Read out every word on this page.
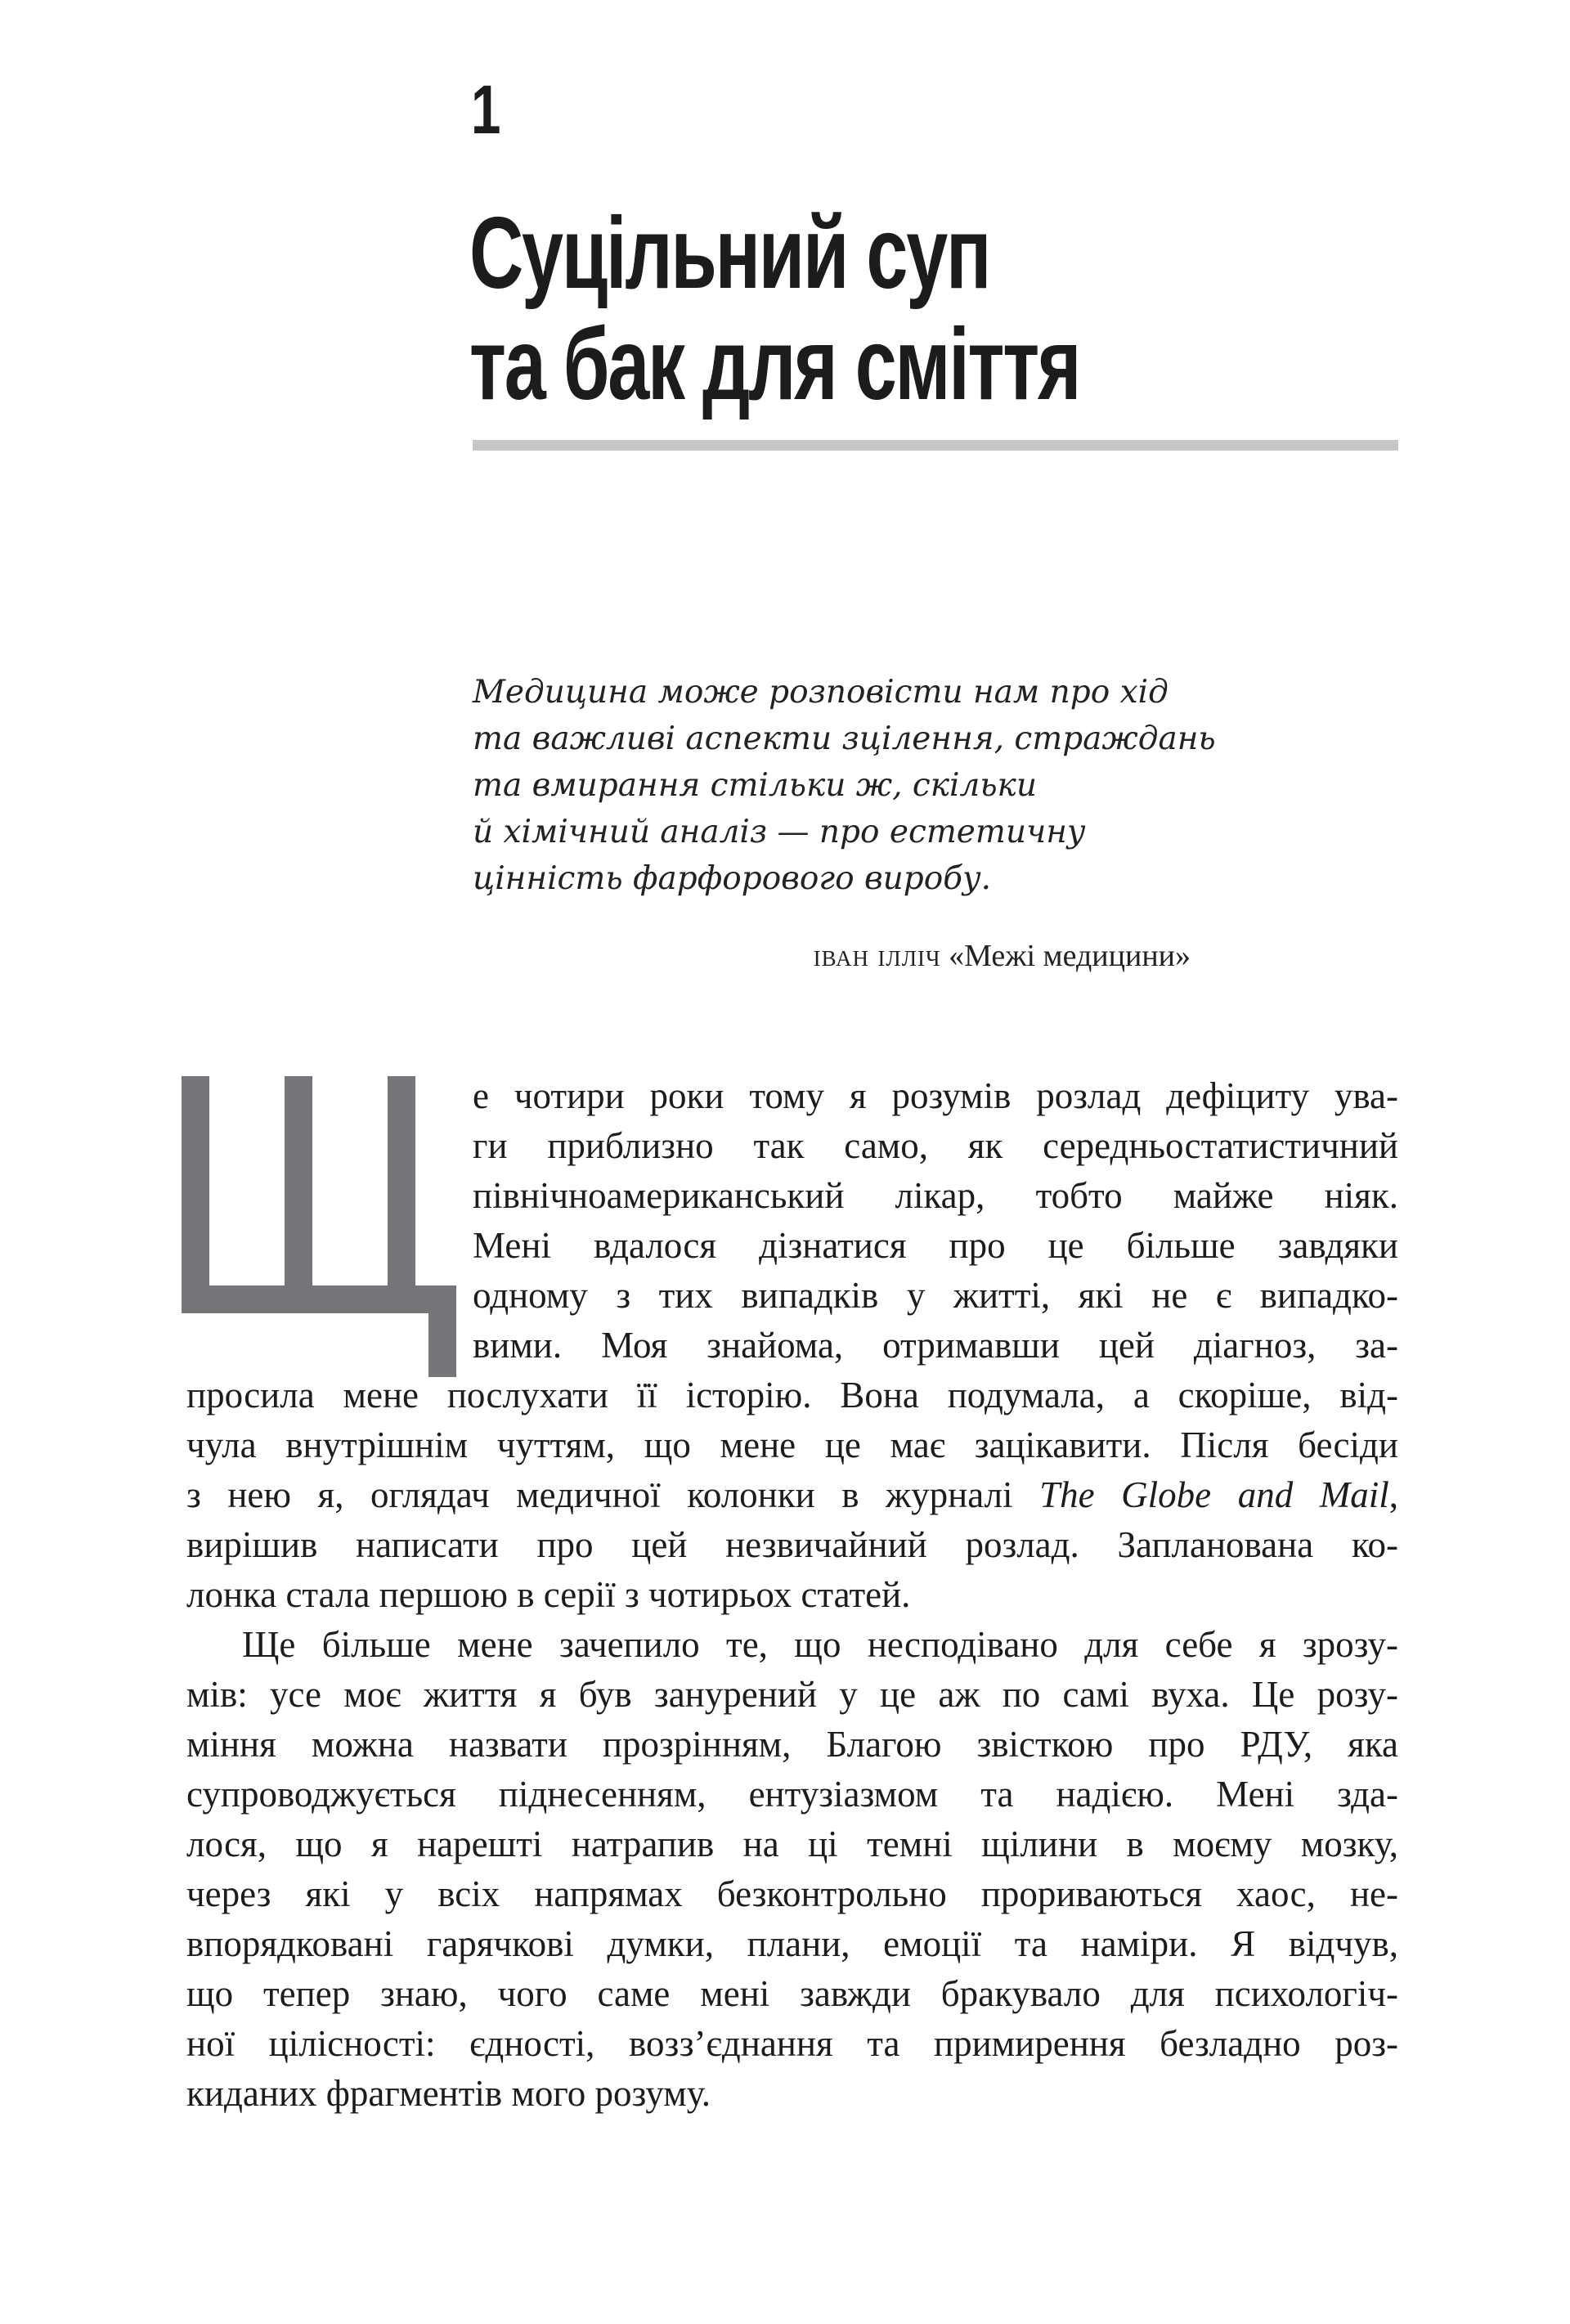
1
Суцільний суп
та бак для сміття
Медицина може розповісти нам про хід
та важливі аспекти зцілення, страждань
та вмирання стільки ж, скільки
й хімічний аналіз — про естетичну
цінність фарфорового виробу.
іван ілліч «Межі медицини»
е чотири роки тому я розумів розлад дефіциту ува-
ги приблизно так само, як середньостатистичний
північноамериканський лікар, тобто майже ніяк.
Мені вдалося дізнатися про це більше завдяки
одному з тих випадків у житті, які не є випадко-
вими. Моя знайома, отримавши цей діагноз, за-
просила мене послухати її історію. Вона подумала, а скоріше, від-
чула внутрішнім чуттям, що мене це має зацікавити. Після бесіди
з нею я, оглядач медичної колонки в журналі The Globe and Mail,
вирішив написати про цей незвичайний розлад. Запланована ко-
лонка стала першою в серії з чотирьох статей.
Ще більше мене зачепило те, що несподівано для себе я зрозу-
мів: усе моє життя я був занурений у це аж по самі вуха. Це розу-
міння можна назвати прозрінням, Благою звісткою про РДУ, яка
супроводжується піднесенням, ентузіазмом та надією. Мені зда-
лося, що я нарешті натрапив на ці темні щілини в моєму мозку,
через які у всіх напрямах безконтрольно прориваються хаос, не-
впорядковані гарячкові думки, плани, емоції та наміри. Я відчув,
що тепер знаю, чого саме мені завжди бракувало для психологіч-
ної цілісності: єдності, возз’єднання та примирення безладно роз-
киданих фрагментів мого розуму.
